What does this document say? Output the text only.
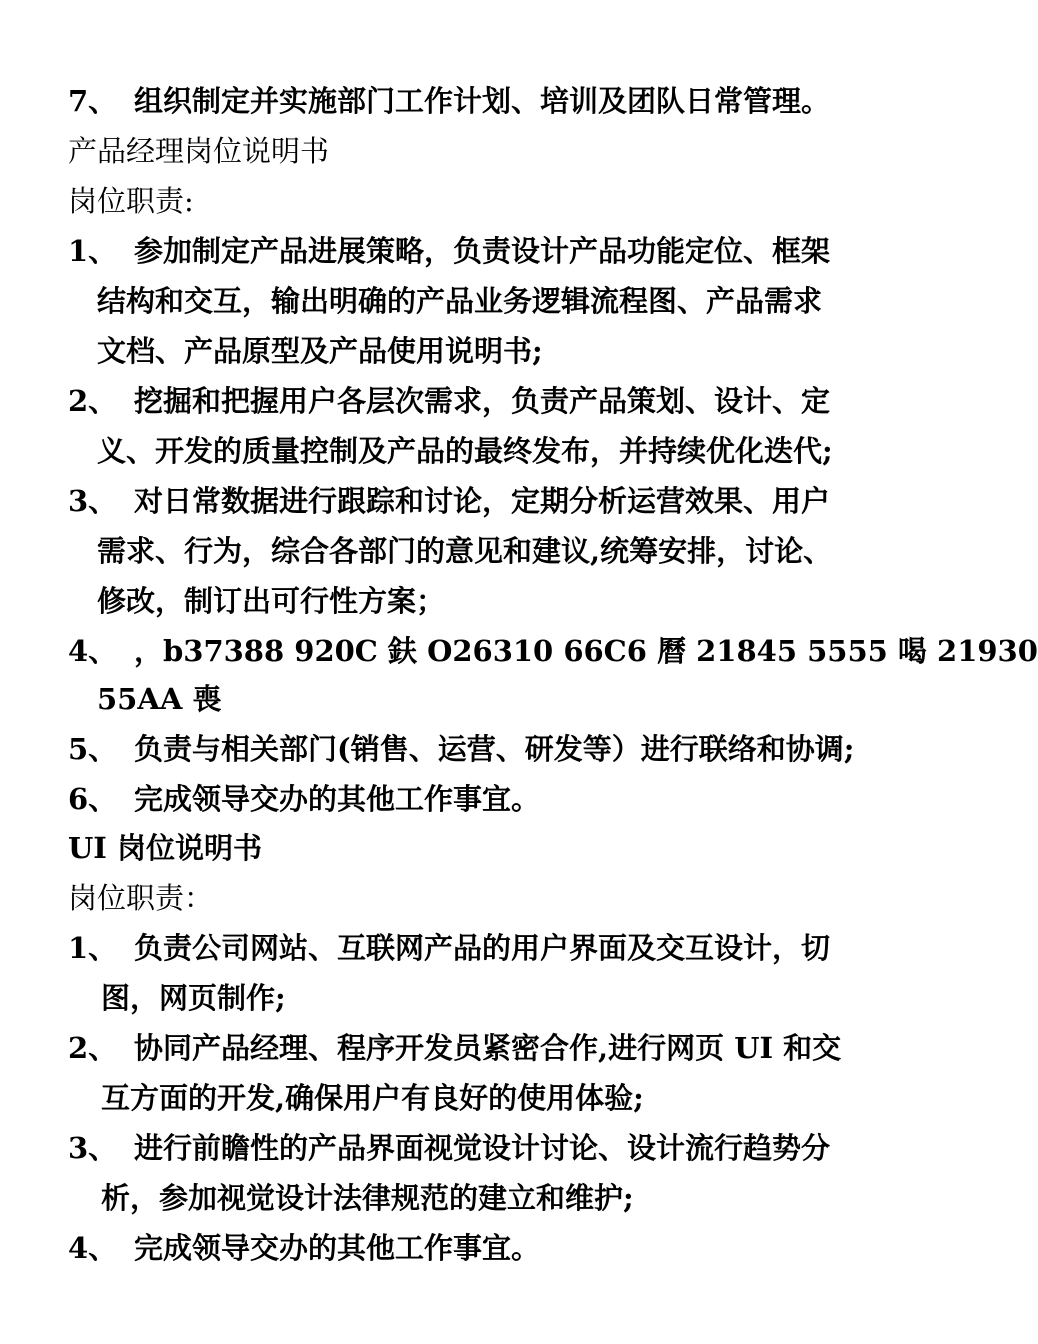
7、 组织制定并实施部门工作计划、培训及团队日常管理。
产品经理岗位说明书
岗位职责:
1、 参加制定产品进展策略，负责设计产品功能定位、框架
结构和交互，输出明确的产品业务逻辑流程图、产品需求
文档、产品原型及产品使用说明书;
2、 挖掘和把握用户各层次需求，负责产品策划、设计、定
义、开发的质量控制及产品的最终发布，并持续优化迭代;
3、 对日常数据进行跟踪和讨论，定期分析运营效果、用户
需求、行为，综合各部门的意见和建议,统筹安排，讨论、
修改，制订出可行性方案；
4、 ，b37388 920C 鈇 O26310 66C6 曆 21845 5555 喝 21930
55AA 喪
5、 负责与相关部门(销售、运营、研发等）进行联络和协调;
6、 完成领导交办的其他工作事宜。
UI 岗位说明书
岗位职责：
1、 负责公司网站、互联网产品的用户界面及交互设计，切
图，网页制作;
2、 协同产品经理、程序开发员紧密合作,进行网页 UI 和交
互方面的开发,确保用户有良好的使用体验;
3、 进行前瞻性的产品界面视觉设计讨论、设计流行趋势分
析，参加视觉设计法律规范的建立和维护;
4、 完成领导交办的其他工作事宜。
